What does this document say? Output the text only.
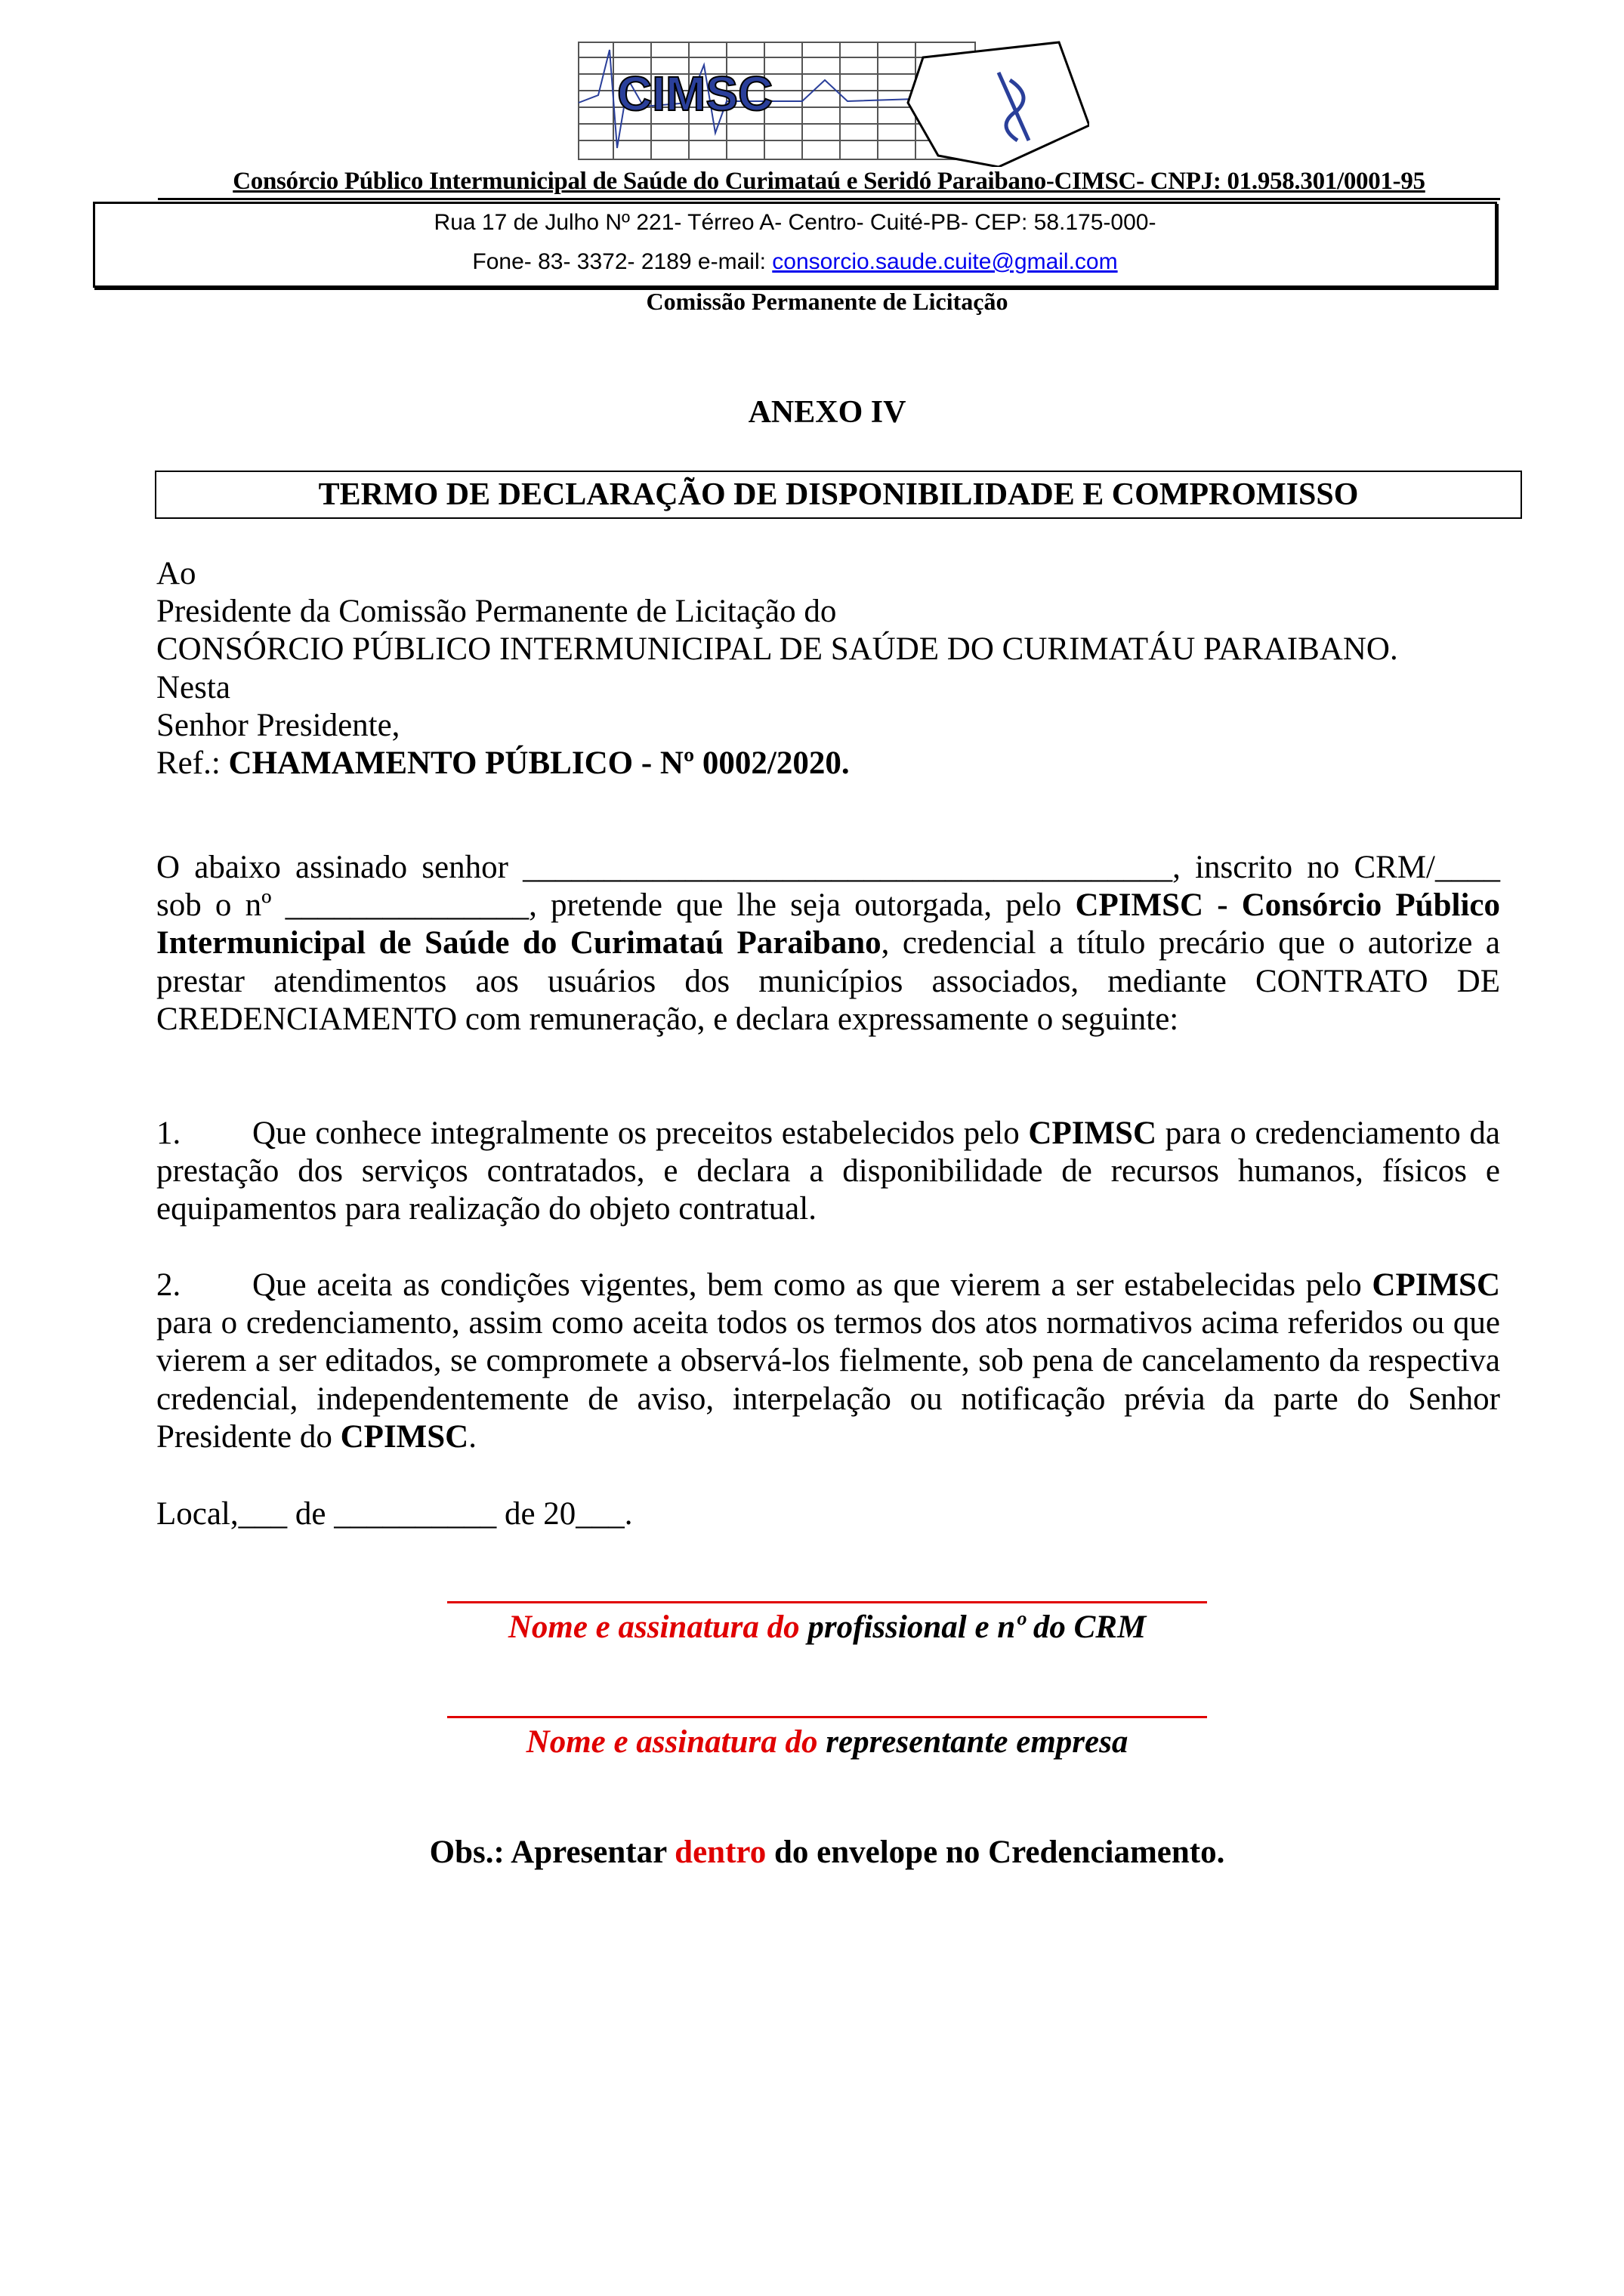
CIMSC
Consórcio Público Intermunicipal de Saúde do Curimataú e Seridó Paraibano-CIMSC- CNPJ: 01.958.301/0001-95
Rua 17 de Julho Nº 221- Térreo A- Centro- Cuité-PB- CEP: 58.175-000-
Fone- 83- 3372- 2189 e-mail: consorcio.saude.cuite@gmail.com
Comissão Permanente de Licitação
ANEXO IV
TERMO DE DECLARAÇÃO DE DISPONIBILIDADE E COMPROMISSO
Ao
Presidente da Comissão Permanente de Licitação do
CONSÓRCIO PÚBLICO INTERMUNICIPAL DE SAÚDE DO CURIMATÁU PARAIBANO.
Nesta
Senhor Presidente,
Ref.: CHAMAMENTO PÚBLICO - Nº 0002/2020.

O abaixo assinado senhor ________________________________________, inscrito no CRM/____ sob o nº _______________, pretende que lhe seja outorgada, pelo CPIMSC - Consórcio Público Intermunicipal de Saúde do Curimataú Paraibano, credencial a título precário que o autorize a prestar atendimentos aos usuários dos municípios associados, mediante CONTRATO DE CREDENCIAMENTO com remuneração, e declara expressamente o seguinte:

1. Que conhece integralmente os preceitos estabelecidos pelo CPIMSC para o credenciamento da prestação dos serviços contratados, e declara a disponibilidade de recursos humanos, físicos e equipamentos para realização do objeto contratual.

2. Que aceita as condições vigentes, bem como as que vierem a ser estabelecidas pelo CPIMSC para o credenciamento, assim como aceita todos os termos dos atos normativos acima referidos ou que vierem a ser editados, se compromete a observá-los fielmente, sob pena de cancelamento da respectiva credencial, independentemente de aviso, interpelação ou notificação prévia da parte do Senhor Presidente do CPIMSC.

Local,___ de __________ de 20___.
Nome e assinatura do profissional e nº do CRM
Nome e assinatura do representante empresa
Obs.: Apresentar dentro do envelope no Credenciamento.
